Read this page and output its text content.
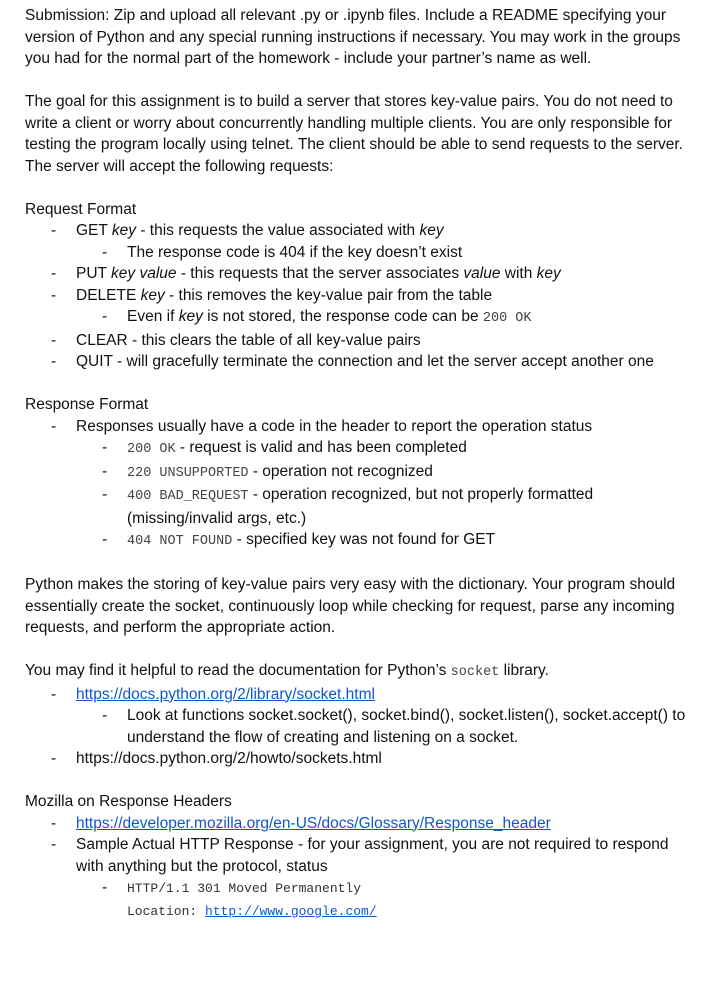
Submission: Zip and upload all relevant .py or .ipynb files. Include a README specifying your
version of Python and any special running instructions if necessary. You may work in the groups
you had for the normal part of the homework - include your partner’s name as well.

The goal for this assignment is to build a server that stores key-value pairs. You do not need to write a client or worry about concurrently handling multiple clients. You are only responsible for testing the program locally using telnet. The client should be able to send requests to the server. The server will accept the following requests:

Request Format

- GET key - this requests the value associated with key
- The response code is 404 if the key doesn’t exist
- PUT key value - this requests that the server associates value with key
- DELETE key - this removes the key-value pair from the table
- Even if key is not stored, the response code can be 200 OK
- CLEAR - this clears the table of all key-value pairs
- QUIT - will gracefully terminate the connection and let the server accept another one

Response Format

- Responses usually have a code in the header to report the operation status
- 200 OK - request is valid and has been completed
- 220 UNSUPPORTED - operation not recognized
- 400 BAD_REQUEST - operation recognized, but not properly formatted (missing/invalid args, etc.)
- 404 NOT FOUND - specified key was not found for GET

Python makes the storing of key-value pairs very easy with the dictionary. Your program should essentially create the socket, continuously loop while checking for request, parse any incoming requests, and perform the appropriate action.

You may find it helpful to read the documentation for Python’s socket library.

- https://docs.python.org/2/library/socket.html
- Look at functions socket.socket(), socket.bind(), socket.listen(), socket.accept() to understand the flow of creating and listening on a socket.
- https://docs.python.org/2/howto/sockets.html

Mozilla on Response Headers

- https://developer.mozilla.org/en-US/docs/Glossary/Response_header
- Sample Actual HTTP Response - for your assignment, you are not required to respond with anything but the protocol, status
- HTTP/1.1 301 Moved Permanently
Location: http://www.google.com/
